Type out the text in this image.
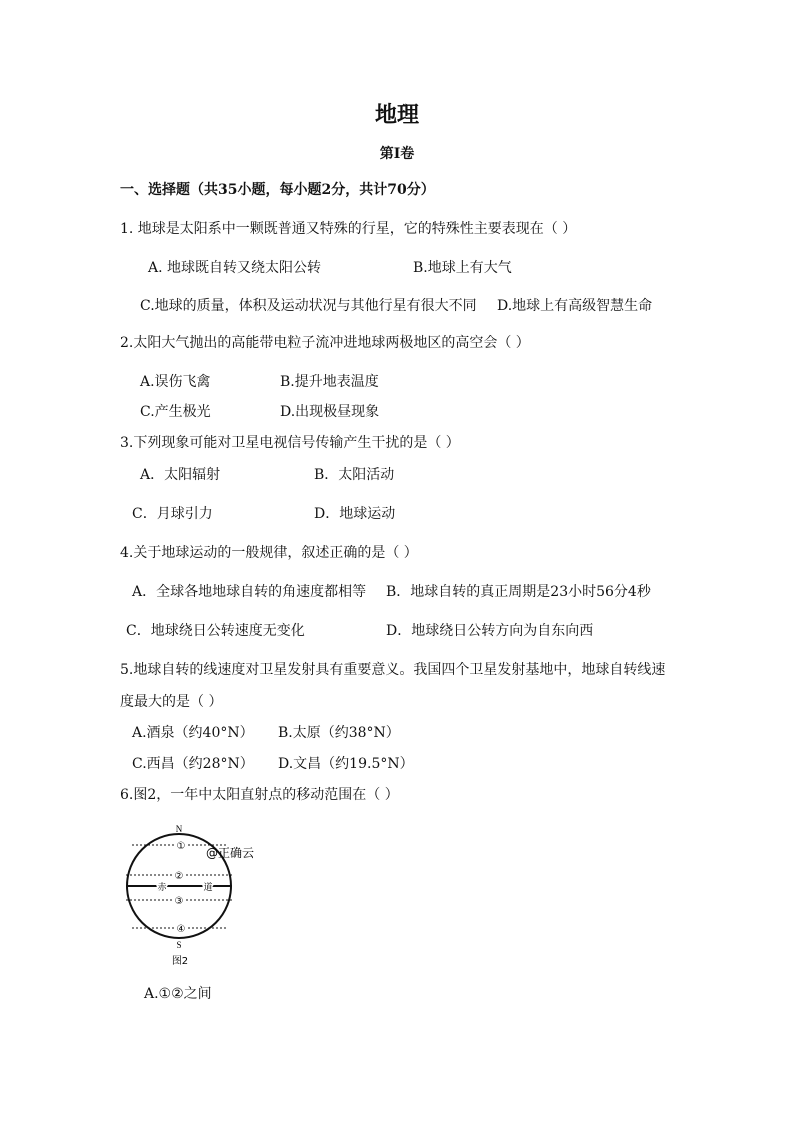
地理
第Ⅰ卷
一、选择题（共35小题，每小题2分，共计70分）
1. 地球是太阳系中一颗既普通又特殊的行星，它的特殊性主要表现在（ ）
A. 地球既自转又绕太阳公转	B.地球上有大气
C.地球的质量，体积及运动状况与其他行星有很大不同 D.地球上有高级智慧生命
2.太阳大气抛出的高能带电粒子流冲进地球两极地区的高空会（ ）
A.误伤飞禽	B.提升地表温度
C.产生极光	D.出现极昼现象
3.下列现象可能对卫星电视信号传输产生干扰的是（ ）
A．太阳辐射	B．太阳活动
C．月球引力	D．地球运动
4.关于地球运动的一般规律，叙述正确的是（ ）
A．全球各地地球自转的角速度都相等 B．地球自转的真正周期是23小时56分4秒
C．地球绕日公转速度无变化	D．地球绕日公转方向为自东向西
5.地球自转的线速度对卫星发射具有重要意义。我国四个卫星发射基地中，地球自转线速
度最大的是（ ）
A.酒泉（约40°N） B.太原（约38°N）
C.西昌（约28°N） D.文昌（约19.5°N）
6.图2，一年中太阳直射点的移动范围在（ ）
N
① @正确云
②
赤	道
③
④
S
图2
A.①②之间
